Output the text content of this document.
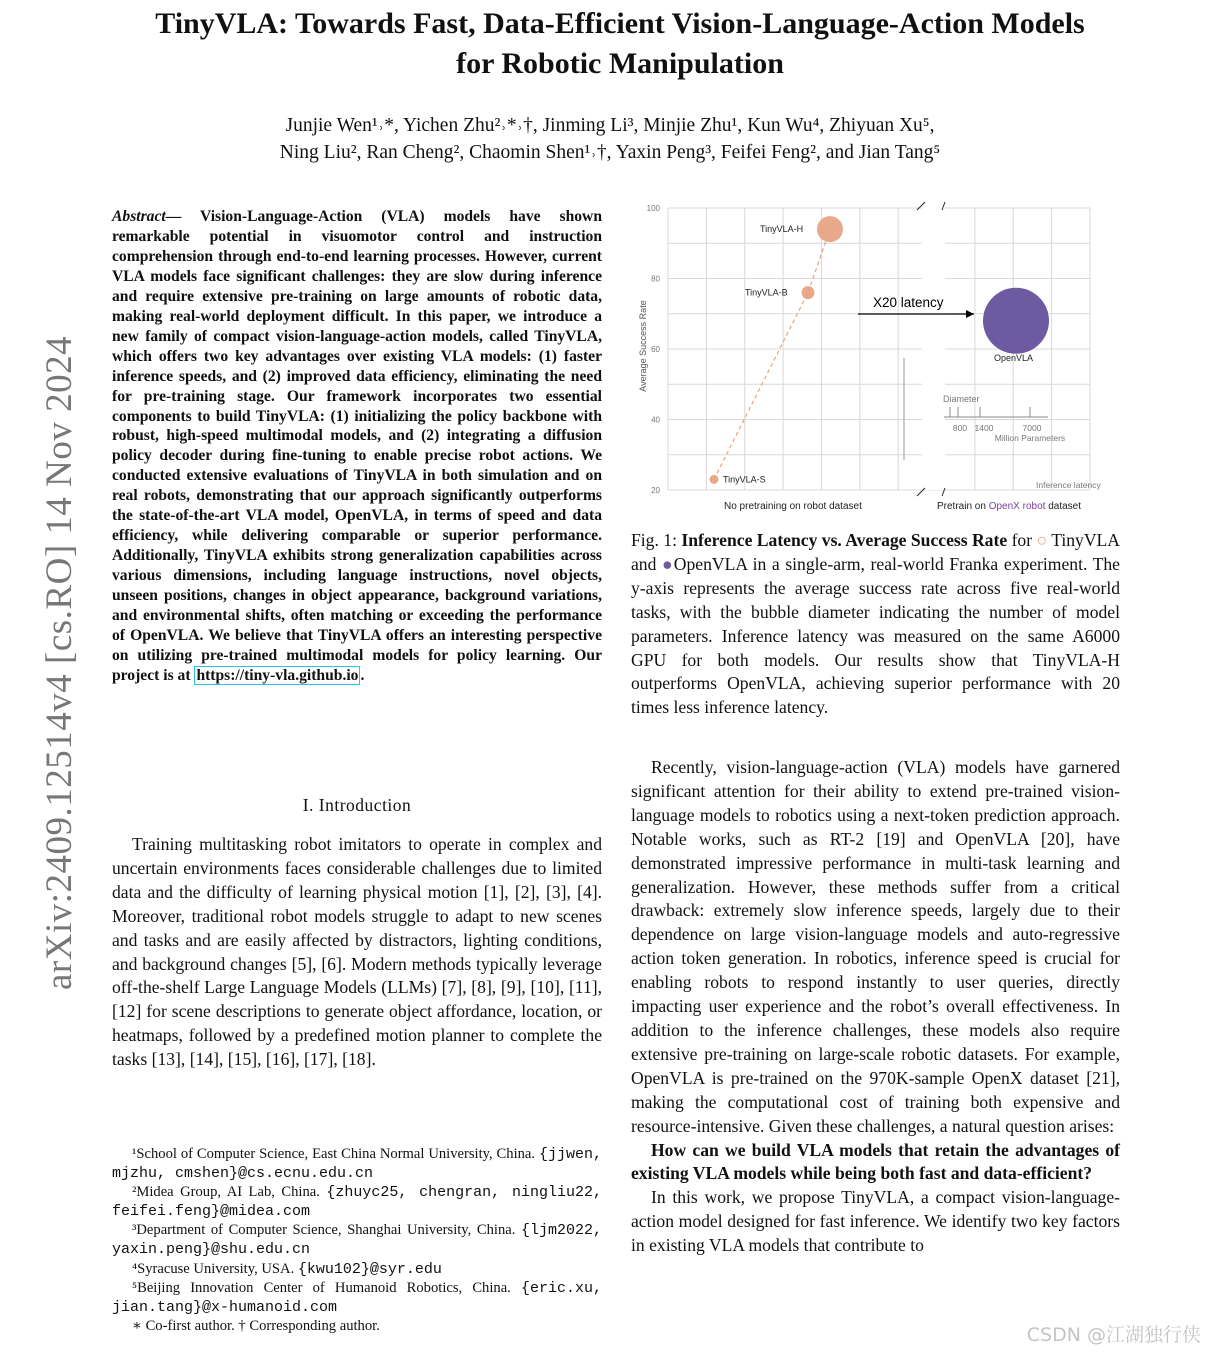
TinyVLA: Towards Fast, Data-Efficient Vision-Language-Action Models
for Robotic Manipulation
Junjie Wen¹˒*, Yichen Zhu²˒*˒†, Jinming Li³, Minjie Zhu¹, Kun Wu⁴, Zhiyuan Xu⁵,
Ning Liu², Ran Cheng², Chaomin Shen¹˒†, Yaxin Peng³, Feifei Feng², and Jian Tang⁵
arXiv:2409.12514v4 [cs.RO] 14 Nov 2024
Abstract— Vision-Language-Action (VLA) models have shown remarkable potential in visuomotor control and instruction comprehension through end-to-end learning processes. However, current VLA models face significant challenges: they are slow during inference and require extensive pre-training on large amounts of robotic data, making real-world deployment difficult. In this paper, we introduce a new family of compact vision-language-action models, called TinyVLA, which offers two key advantages over existing VLA models: (1) faster inference speeds, and (2) improved data efficiency, eliminating the need for pre-training stage. Our framework incorporates two essential components to build TinyVLA: (1) initializing the policy backbone with robust, high-speed multimodal models, and (2) integrating a diffusion policy decoder during fine-tuning to enable precise robot actions. We conducted extensive evaluations of TinyVLA in both simulation and on real robots, demonstrating that our approach significantly outperforms the state-of-the-art VLA model, OpenVLA, in terms of speed and data efficiency, while delivering comparable or superior performance. Additionally, TinyVLA exhibits strong generalization capabilities across various dimensions, including language instructions, novel objects, unseen positions, changes in object appearance, background variations, and environmental shifts, often matching or exceeding the performance of OpenVLA. We believe that TinyVLA offers an interesting perspective on utilizing pre-trained multimodal models for policy learning. Our project is at https://tiny-vla.github.io .
I. Introduction
Training multitasking robot imitators to operate in complex and uncertain environments faces considerable challenges due to limited data and the difficulty of learning physical motion [1], [2], [3], [4]. Moreover, traditional robot models struggle to adapt to new scenes and tasks and are easily affected by distractors, lighting conditions, and background changes [5], [6]. Modern methods typically leverage off-the-shelf Large Language Models (LLMs) [7], [8], [9], [10], [11], [12] for scene descriptions to generate object affordance, location, or heatmaps, followed by a predefined motion planner to complete the tasks [13], [14], [15], [16], [17], [18].

¹School of Computer Science, East China Normal University, China. {jjwen, mjzhu, cmshen}@cs.ecnu.edu.cn

²Midea Group, AI Lab, China. {zhuyc25, chengran, ningliu22, feifei.feng}@midea.com

³Department of Computer Science, Shanghai University, China. {ljm2022, yaxin.peng}@shu.edu.cn

⁴Syracuse University, USA. {kwu102}@syr.edu

⁵Beijing Innovation Center of Humanoid Robotics, China. {eric.xu, jian.tang}@x-humanoid.com

∗ Co-first author. † Corresponding author.

100
80
60
40
20
Average Success Rate
TinyVLA-H
TinyVLA-B
TinyVLA-S
OpenVLA
X20 latency
Diameter
800 1400	7000
Million Parameters
Inference latency
No pretraining on robot dataset	Pretrain on OpenX robot dataset
Fig. 1: Inference Latency vs. Average Success Rate for ○ TinyVLA and ●OpenVLA in a single-arm, real-world Franka experiment. The y-axis represents the average success rate across five real-world tasks, with the bubble diameter indicating the number of model parameters. Inference latency was measured on the same A6000 GPU for both models. Our results show that TinyVLA-H outperforms OpenVLA, achieving superior performance with 20 times less inference latency.

Recently, vision-language-action (VLA) models have garnered significant attention for their ability to extend pre-trained vision-language models to robotics using a next-token prediction approach. Notable works, such as RT-2 [19] and OpenVLA [20], have demonstrated impressive performance in multi-task learning and generalization. However, these methods suffer from a critical drawback: extremely slow inference speeds, largely due to their dependence on large vision-language models and auto-regressive action token generation. In robotics, inference speed is crucial for enabling robots to respond instantly to user queries, directly impacting user experience and the robot’s overall effectiveness. In addition to the inference challenges, these models also require extensive pre-training on large-scale robotic datasets. For example, OpenVLA is pre-trained on the 970K-sample OpenX dataset [21], making the computational cost of training both expensive and resource-intensive. Given these challenges, a natural question arises:

How can we build VLA models that retain the advantages of existing VLA models while being both fast and data-efficient?

In this work, we propose TinyVLA, a compact vision-language-action model designed for fast inference. We identify two key factors in existing VLA models that contribute to

CSDN @江湖独行侠
